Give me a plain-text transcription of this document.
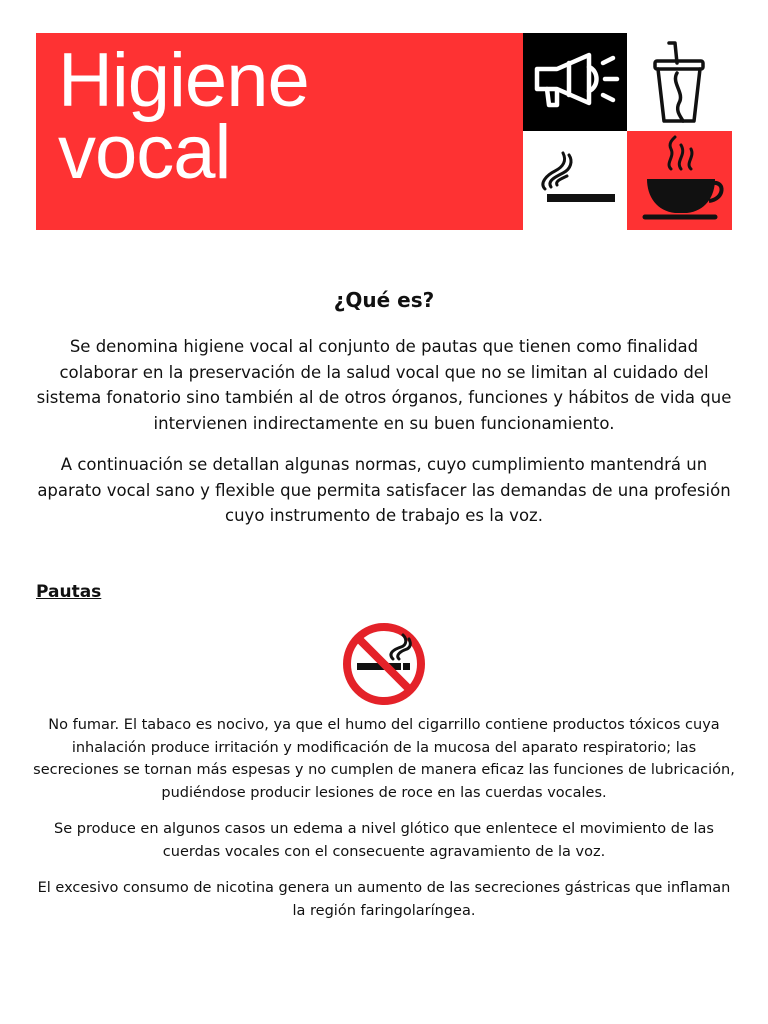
Higiene
vocal
¿Qué es?

Se denomina higiene vocal al conjunto de pautas que tienen como finalidad colaborar en la preservación de la salud vocal que no se limitan al cuidado del sistema fonatorio sino también al de otros órganos, funciones y hábitos de vida que intervienen indirectamente en su buen funcionamiento.

A continuación se detallan algunas normas, cuyo cumplimiento mantendrá un aparato vocal sano y flexible que permita satisfacer las demandas de una profesión cuyo instrumento de trabajo es la voz.

Pautas

No fumar. El tabaco es nocivo, ya que el humo del cigarrillo contiene productos tóxicos cuya inhalación produce irritación y modificación de la mucosa del aparato respiratorio; las secreciones se tornan más espesas y no cumplen de manera eficaz las funciones de lubricación, pudiéndose producir lesiones de roce en las cuerdas vocales.

Se produce en algunos casos un edema a nivel glótico que enlentece el movimiento de las cuerdas vocales con el consecuente agravamiento de la voz.

El excesivo consumo de nicotina genera un aumento de las secreciones gástricas que inflaman la región faringolaríngea.
